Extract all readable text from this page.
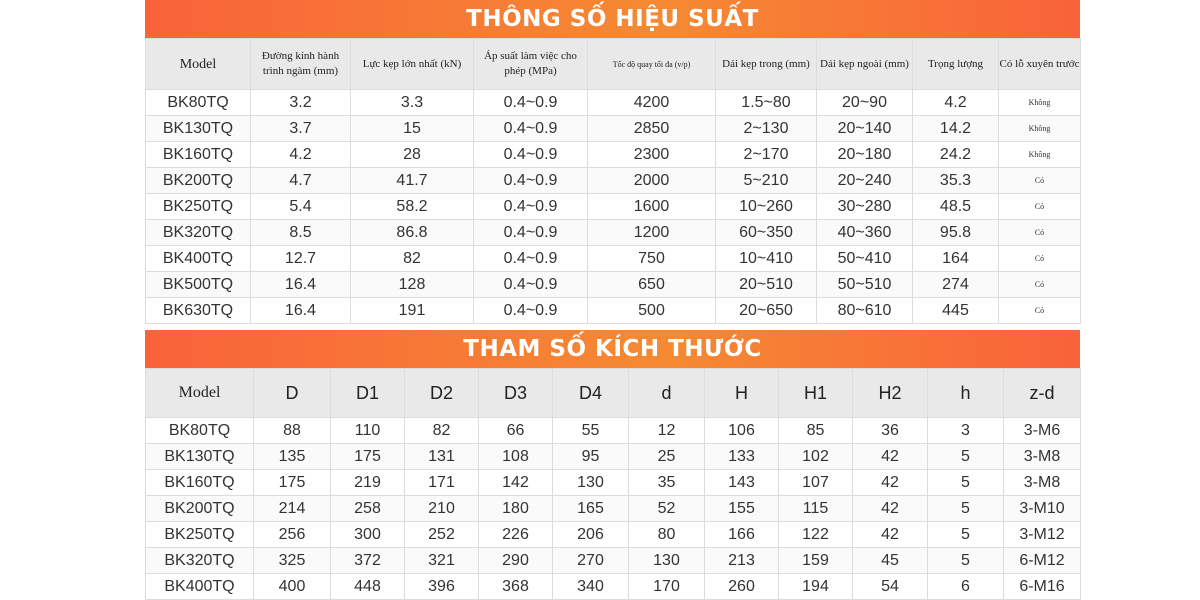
THÔNG SỐ HIỆU SUẤT
Model	Đường kính hành trình ngàm (mm)	Lực kẹp lớn nhất (kN)	Áp suất làm việc cho phép (MPa)	Tốc độ quay tối đa (v/p)	Dải kẹp trong (mm)	Dải kẹp ngoài (mm)	Trọng lượng	Có lỗ xuyên trước
BK80TQ	3.2	3.3	0.4~0.9	4200	1.5~80	20~90	4.2	Không
BK130TQ	3.7	15	0.4~0.9	2850	2~130	20~140	14.2	Không
BK160TQ	4.2	28	0.4~0.9	2300	2~170	20~180	24.2	Không
BK200TQ	4.7	41.7	0.4~0.9	2000	5~210	20~240	35.3	Có
BK250TQ	5.4	58.2	0.4~0.9	1600	10~260	30~280	48.5	Có
BK320TQ	8.5	86.8	0.4~0.9	1200	60~350	40~360	95.8	Có
BK400TQ	12.7	82	0.4~0.9	750	10~410	50~410	164	Có
BK500TQ	16.4	128	0.4~0.9	650	20~510	50~510	274	Có
BK630TQ	16.4	191	0.4~0.9	500	20~650	80~610	445	Có
THAM SỐ KÍCH THƯỚC
Model	D	D1	D2	D3	D4	d	H	H1	H2	h	z-d
BK80TQ	88	110	82	66	55	12	106	85	36	3	3-M6
BK130TQ	135	175	131	108	95	25	133	102	42	5	3-M8
BK160TQ	175	219	171	142	130	35	143	107	42	5	3-M8
BK200TQ	214	258	210	180	165	52	155	115	42	5	3-M10
BK250TQ	256	300	252	226	206	80	166	122	42	5	3-M12
BK320TQ	325	372	321	290	270	130	213	159	45	5	6-M12
BK400TQ	400	448	396	368	340	170	260	194	54	6	6-M16
